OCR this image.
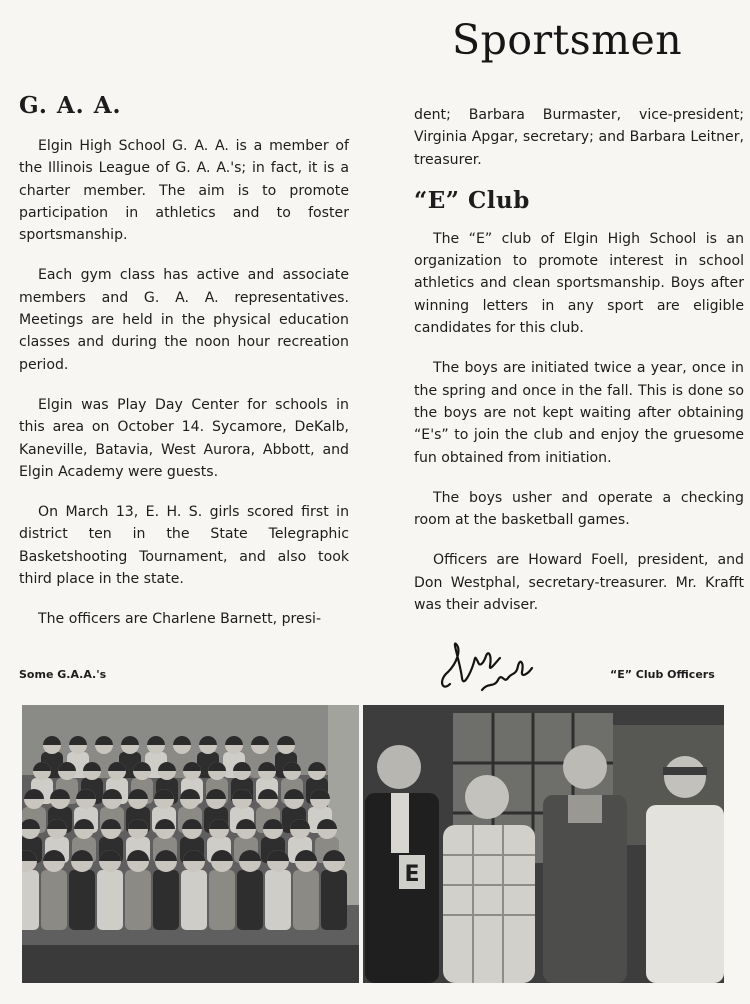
Sportsmen
G. A. A.

Elgin High School G. A. A. is a member of the Illinois League of G. A. A.'s; in fact, it is a charter member. The aim is to promote participation in athletics and to foster sportsmanship.

Each gym class has active and associate members and G. A. A. representatives. Meetings are held in the physical education classes and during the noon hour recreation period.

Elgin was Play Day Center for schools in this area on October 14. Sycamore, DeKalb, Kaneville, Batavia, West Aurora, Abbott, and Elgin Academy were guests.

On March 13, E. H. S. girls scored first in district ten in the State Telegraphic Basketshooting Tournament, and also took third place in the state.

The officers are Charlene Barnett, presi-

dent; Barbara Burmaster, vice-president; Virginia Apgar, secretary; and Barbara Leitner, treasurer.

“E” Club

The “E” club of Elgin High School is an organization to promote interest in school athletics and clean sportsmanship. Boys after winning letters in any sport are eligible candidates for this club.

The boys are initiated twice a year, once in the spring and once in the fall. This is done so the boys are not kept waiting after obtaining “E's” to join the club and enjoy the gruesome fun obtained from initiation.

The boys usher and operate a checking room at the basketball games.

Officers are Howard Foell, president, and Don Westphal, secretary-treasurer. Mr. Krafft was their adviser.

Some G.A.A.'s	“E” Club Officers
E
